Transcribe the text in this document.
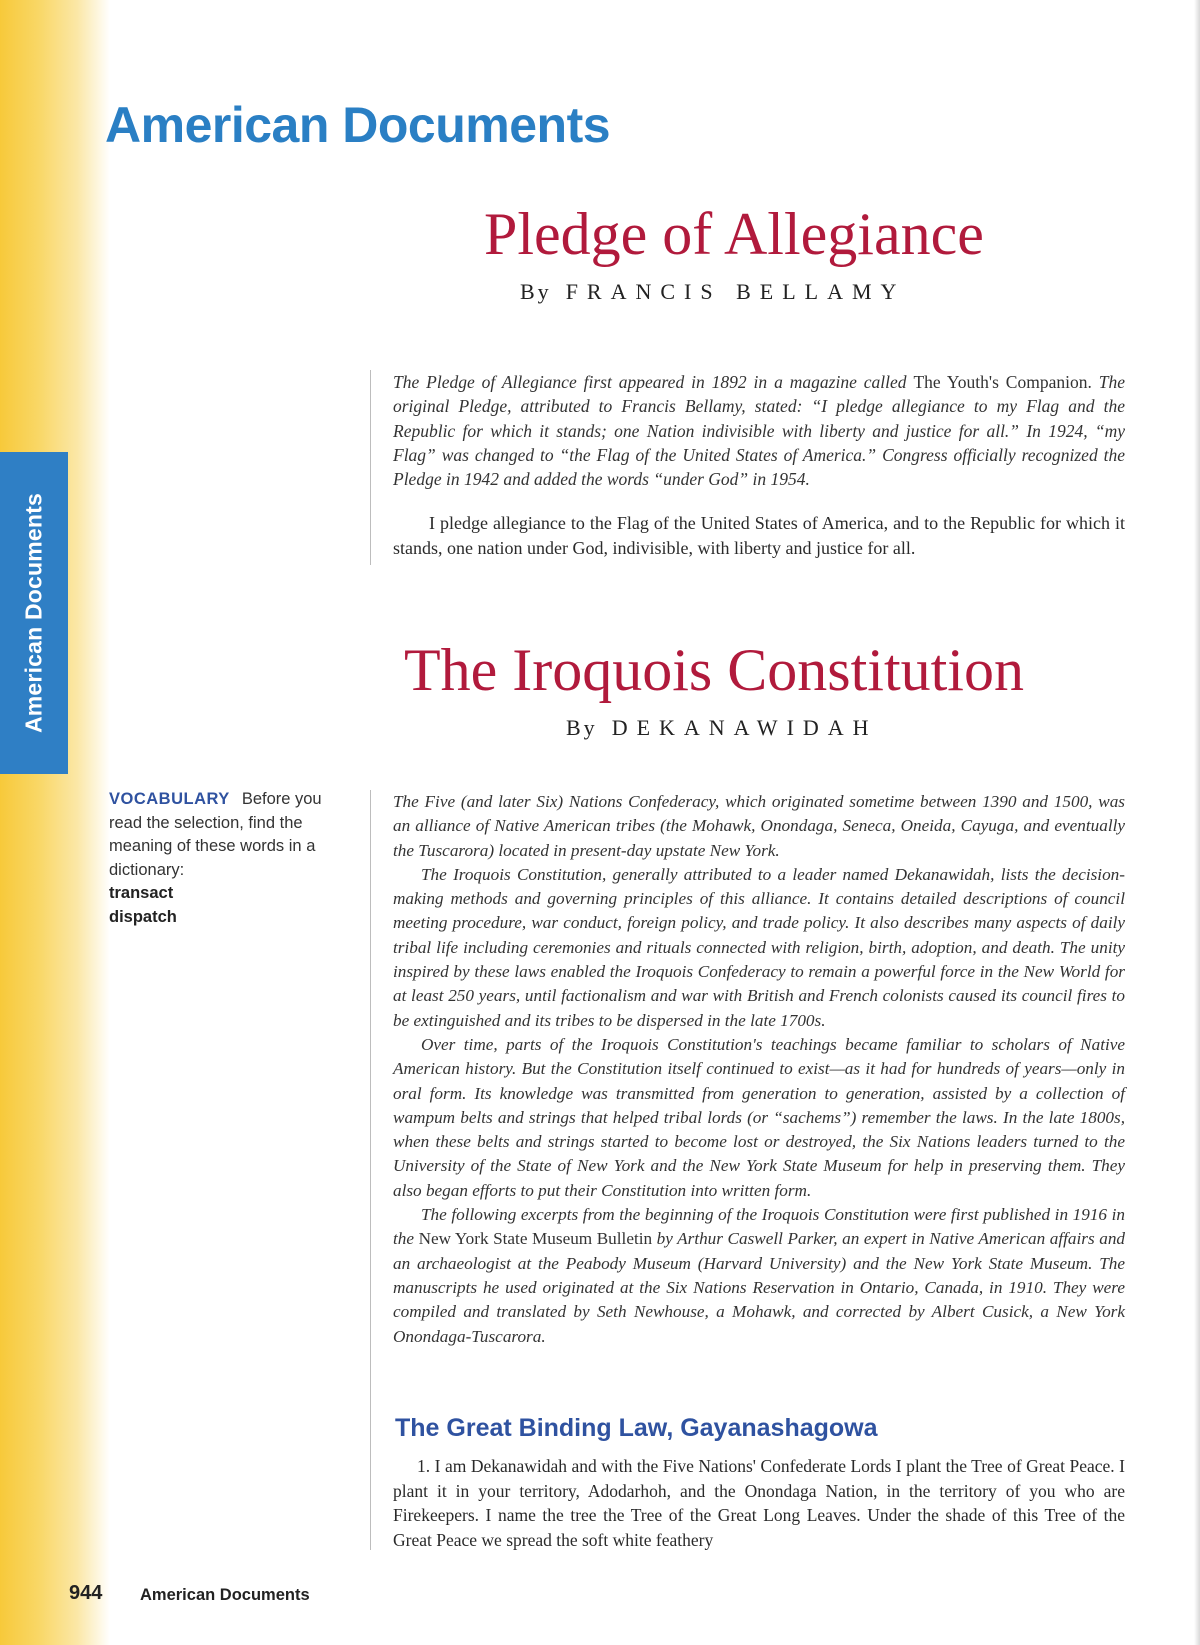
American Documents
American Documents
Pledge of Allegiance
By FRANCIS BELLAMY

The Pledge of Allegiance first appeared in 1892 in a magazine called The Youth's Companion. The original Pledge, attributed to Francis Bellamy, stated: “I pledge allegiance to my Flag and the Republic for which it stands; one Nation indivisible with liberty and justice for all.” In 1924, “my Flag” was changed to “the Flag of the United States of America.” Congress officially recognized the Pledge in 1942 and added the words “under God” in 1954.

I pledge allegiance to the Flag of the United States of America, and to the Republic for which it stands, one nation under God, indivisible, with liberty and justice for all.

The Iroquois Constitution
By DEKANAWIDAH

VOCABULARY Before you read the selection, find the meaning of these words in a dictionary:
transact
dispatch

The Five (and later Six) Nations Confederacy, which originated sometime between 1390 and 1500, was an alliance of Native American tribes (the Mohawk, Onondaga, Seneca, Oneida, Cayuga, and eventually the Tuscarora) located in present-day upstate New York.

The Iroquois Constitution, generally attributed to a leader named Dekanawidah, lists the decision-making methods and governing principles of this alliance. It contains detailed descriptions of council meeting procedure, war conduct, foreign policy, and trade policy. It also describes many aspects of daily tribal life including ceremonies and rituals connected with religion, birth, adoption, and death. The unity inspired by these laws enabled the Iroquois Confederacy to remain a powerful force in the New World for at least 250 years, until factionalism and war with British and French colonists caused its council fires to be extinguished and its tribes to be dispersed in the late 1700s.

Over time, parts of the Iroquois Constitution's teachings became familiar to scholars of Native American history. But the Constitution itself continued to exist—as it had for hundreds of years—only in oral form. Its knowledge was transmitted from generation to generation, assisted by a collection of wampum belts and strings that helped tribal lords (or “sachems”) remember the laws. In the late 1800s, when these belts and strings started to become lost or destroyed, the Six Nations leaders turned to the University of the State of New York and the New York State Museum for help in preserving them. They also began efforts to put their Constitution into written form.

The following excerpts from the beginning of the Iroquois Constitution were first published in 1916 in the New York State Museum Bulletin by Arthur Caswell Parker, an expert in Native American affairs and an archaeologist at the Peabody Museum (Harvard University) and the New York State Museum. The manuscripts he used originated at the Six Nations Reservation in Ontario, Canada, in 1910. They were compiled and translated by Seth Newhouse, a Mohawk, and corrected by Albert Cusick, a New York Onondaga-Tuscarora.

The Great Binding Law, Gayanashagowa

1. I am Dekanawidah and with the Five Nations' Confederate Lords I plant the Tree of Great Peace. I plant it in your territory, Adodarhoh, and the Onondaga Nation, in the territory of you who are Firekeepers. I name the tree the Tree of the Great Long Leaves. Under the shade of this Tree of the Great Peace we spread the soft white feathery

944 American Documents
